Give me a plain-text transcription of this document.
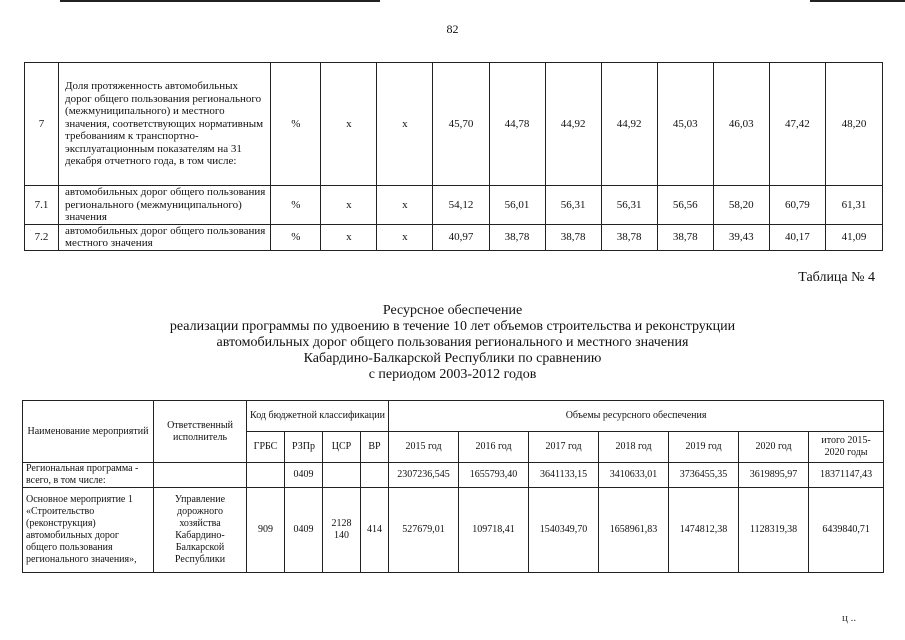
82
7	Доля протяженность автомобильных дорог общего пользования регионального (межмуниципального) и местного значения, соответствующих нормативным требованиям к транспортно-эксплуатационным показателям на 31 декабря отчетного года, в том числе:	%	х	х	45,70	44,78	44,92	44,92	45,03	46,03	47,42	48,20
7.1	автомобильных дорог общего пользования регионального (межмуниципального) значения	%	х	х	54,12	56,01	56,31	56,31	56,56	58,20	60,79	61,31
7.2	автомобильных дорог общего пользования местного значения	%	х	х	40,97	38,78	38,78	38,78	38,78	39,43	40,17	41,09
Таблица № 4
Ресурсное обеспечение
реализации программы по удвоению в течение 10 лет объемов строительства и реконструкции
автомобильных дорог общего пользования регионального и местного значения
Кабардино-Балкарской Республики по сравнению
с периодом 2003-2012 годов
Наименование мероприятий	Ответственный исполнитель	Код бюджетной классификации				Объемы ресурсного обеспечения						
		ГРБС	РЗПр	ЦСР	ВР	2015 год	2016 год	2017 год	2018 год	2019 год	2020 год	итого 2015-2020 годы
Региональная программа - всего, в том числе:			0409			2307236,545	1655793,40	3641133,15	3410633,01	3736455,35	3619895,97	18371147,43
Основное мероприятие 1 «Строительство (реконструкция) автомобильных дорог общего пользования регионального значения»,	Управление дорожного хозяйства Кабардино-Балкарской Республики	909	0409	2128 140	414	527679,01	109718,41	1540349,70	1658961,83	1474812,38	1128319,38	6439840,71
ц ..
